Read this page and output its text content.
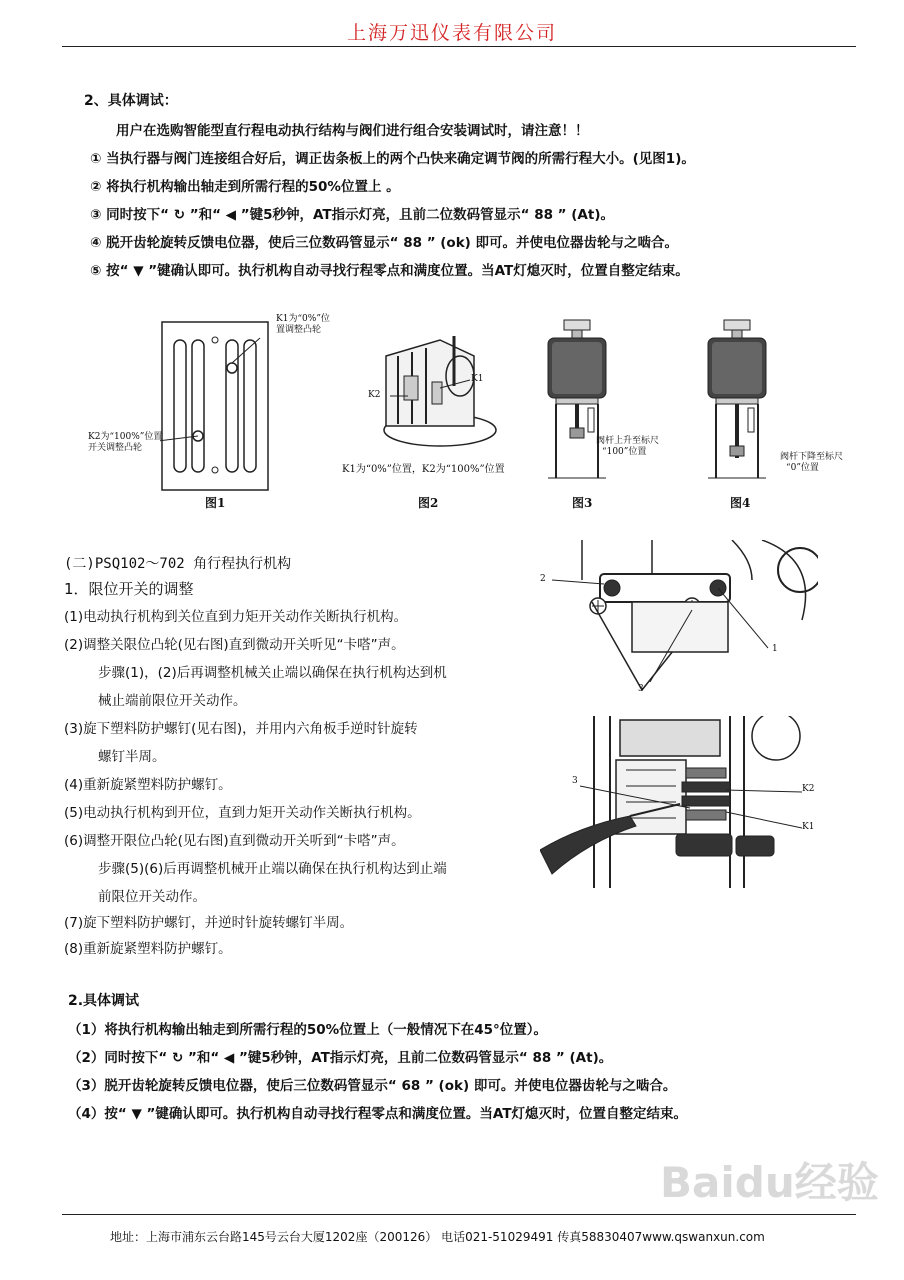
上海万迅仪表有限公司
2、具体调试：
用户在选购智能型直行程电动执行结构与阀们进行组合安装调试时，请注意！！
① 当执行器与阀门连接组合好后，调正齿条板上的两个凸快来确定调节阀的所需行程大小。(见图1)。
② 将执行机构输出轴走到所需行程的50%位置上 。
③ 同时按下“ ↻ ”和“ ◀ ”键5秒钟，AT指示灯亮，且前二位数码管显示“ 88 ” (At)。
④ 脱开齿轮旋转反馈电位器，使后三位数码管显示“ 88 ” (ok) 即可。并使电位器齿轮与之啮合。
⑤ 按“ ▼ ”键确认即可。执行机构自动寻找行程零点和满度位置。当AT灯熄灭时，位置自整定结束。
K1为“0%”位
置调整凸轮
K2为“100%”位置
开关调整凸轮
图1
K1
K2
K1为“0%”位置，K2为“100%”位置
图2
阀杆上升至标尺
“100”位置
图3
阀杆下降至标尺
“0”位置
图4
(二)PSQ102～702 角行程执行机构
1．限位开关的调整
(1)电动执行机构到关位直到力矩开关动作关断执行机构。
(2)调整关限位凸轮(见右图)直到微动开关听见“卡嗒”声。
步骤(1)，(2)后再调整机械关止端以确保在执行机构达到机
械止端前限位开关动作。
(3)旋下塑料防护螺钉(见右图)，并用内六角板手逆时针旋转
螺钉半周。
(4)重新旋紧塑料防护螺钉。
(5)电动执行机构到开位，直到力矩开关动作关断执行机构。
(6)调整开限位凸轮(见右图)直到微动开关听到“卡嗒”声。
步骤(5)(6)后再调整机械开止端以确保在执行机构达到止端
前限位开关动作。
(7)旋下塑料防护螺钉，并逆时针旋转螺钉半周。
(8)重新旋紧塑料防护螺钉。
2
1
3
3
K2
K1
2.具体调试
（1）将执行机构输出轴走到所需行程的50%位置上（一般情况下在45°位置）。
（2）同时按下“ ↻ ”和“ ◀ ”键5秒钟，AT指示灯亮，且前二位数码管显示“ 88 ” (At)。
（3）脱开齿轮旋转反馈电位器，使后三位数码管显示“ 68 ” (ok) 即可。并使电位器齿轮与之啮合。
（4）按“ ▼ ”键确认即可。执行机构自动寻找行程零点和满度位置。当AT灯熄灭时，位置自整定结束。
Baidu经验
地址：上海市浦东云台路145号云台大厦1202座（200126） 电话021-51029491 传真58830407www.qswanxun.com
